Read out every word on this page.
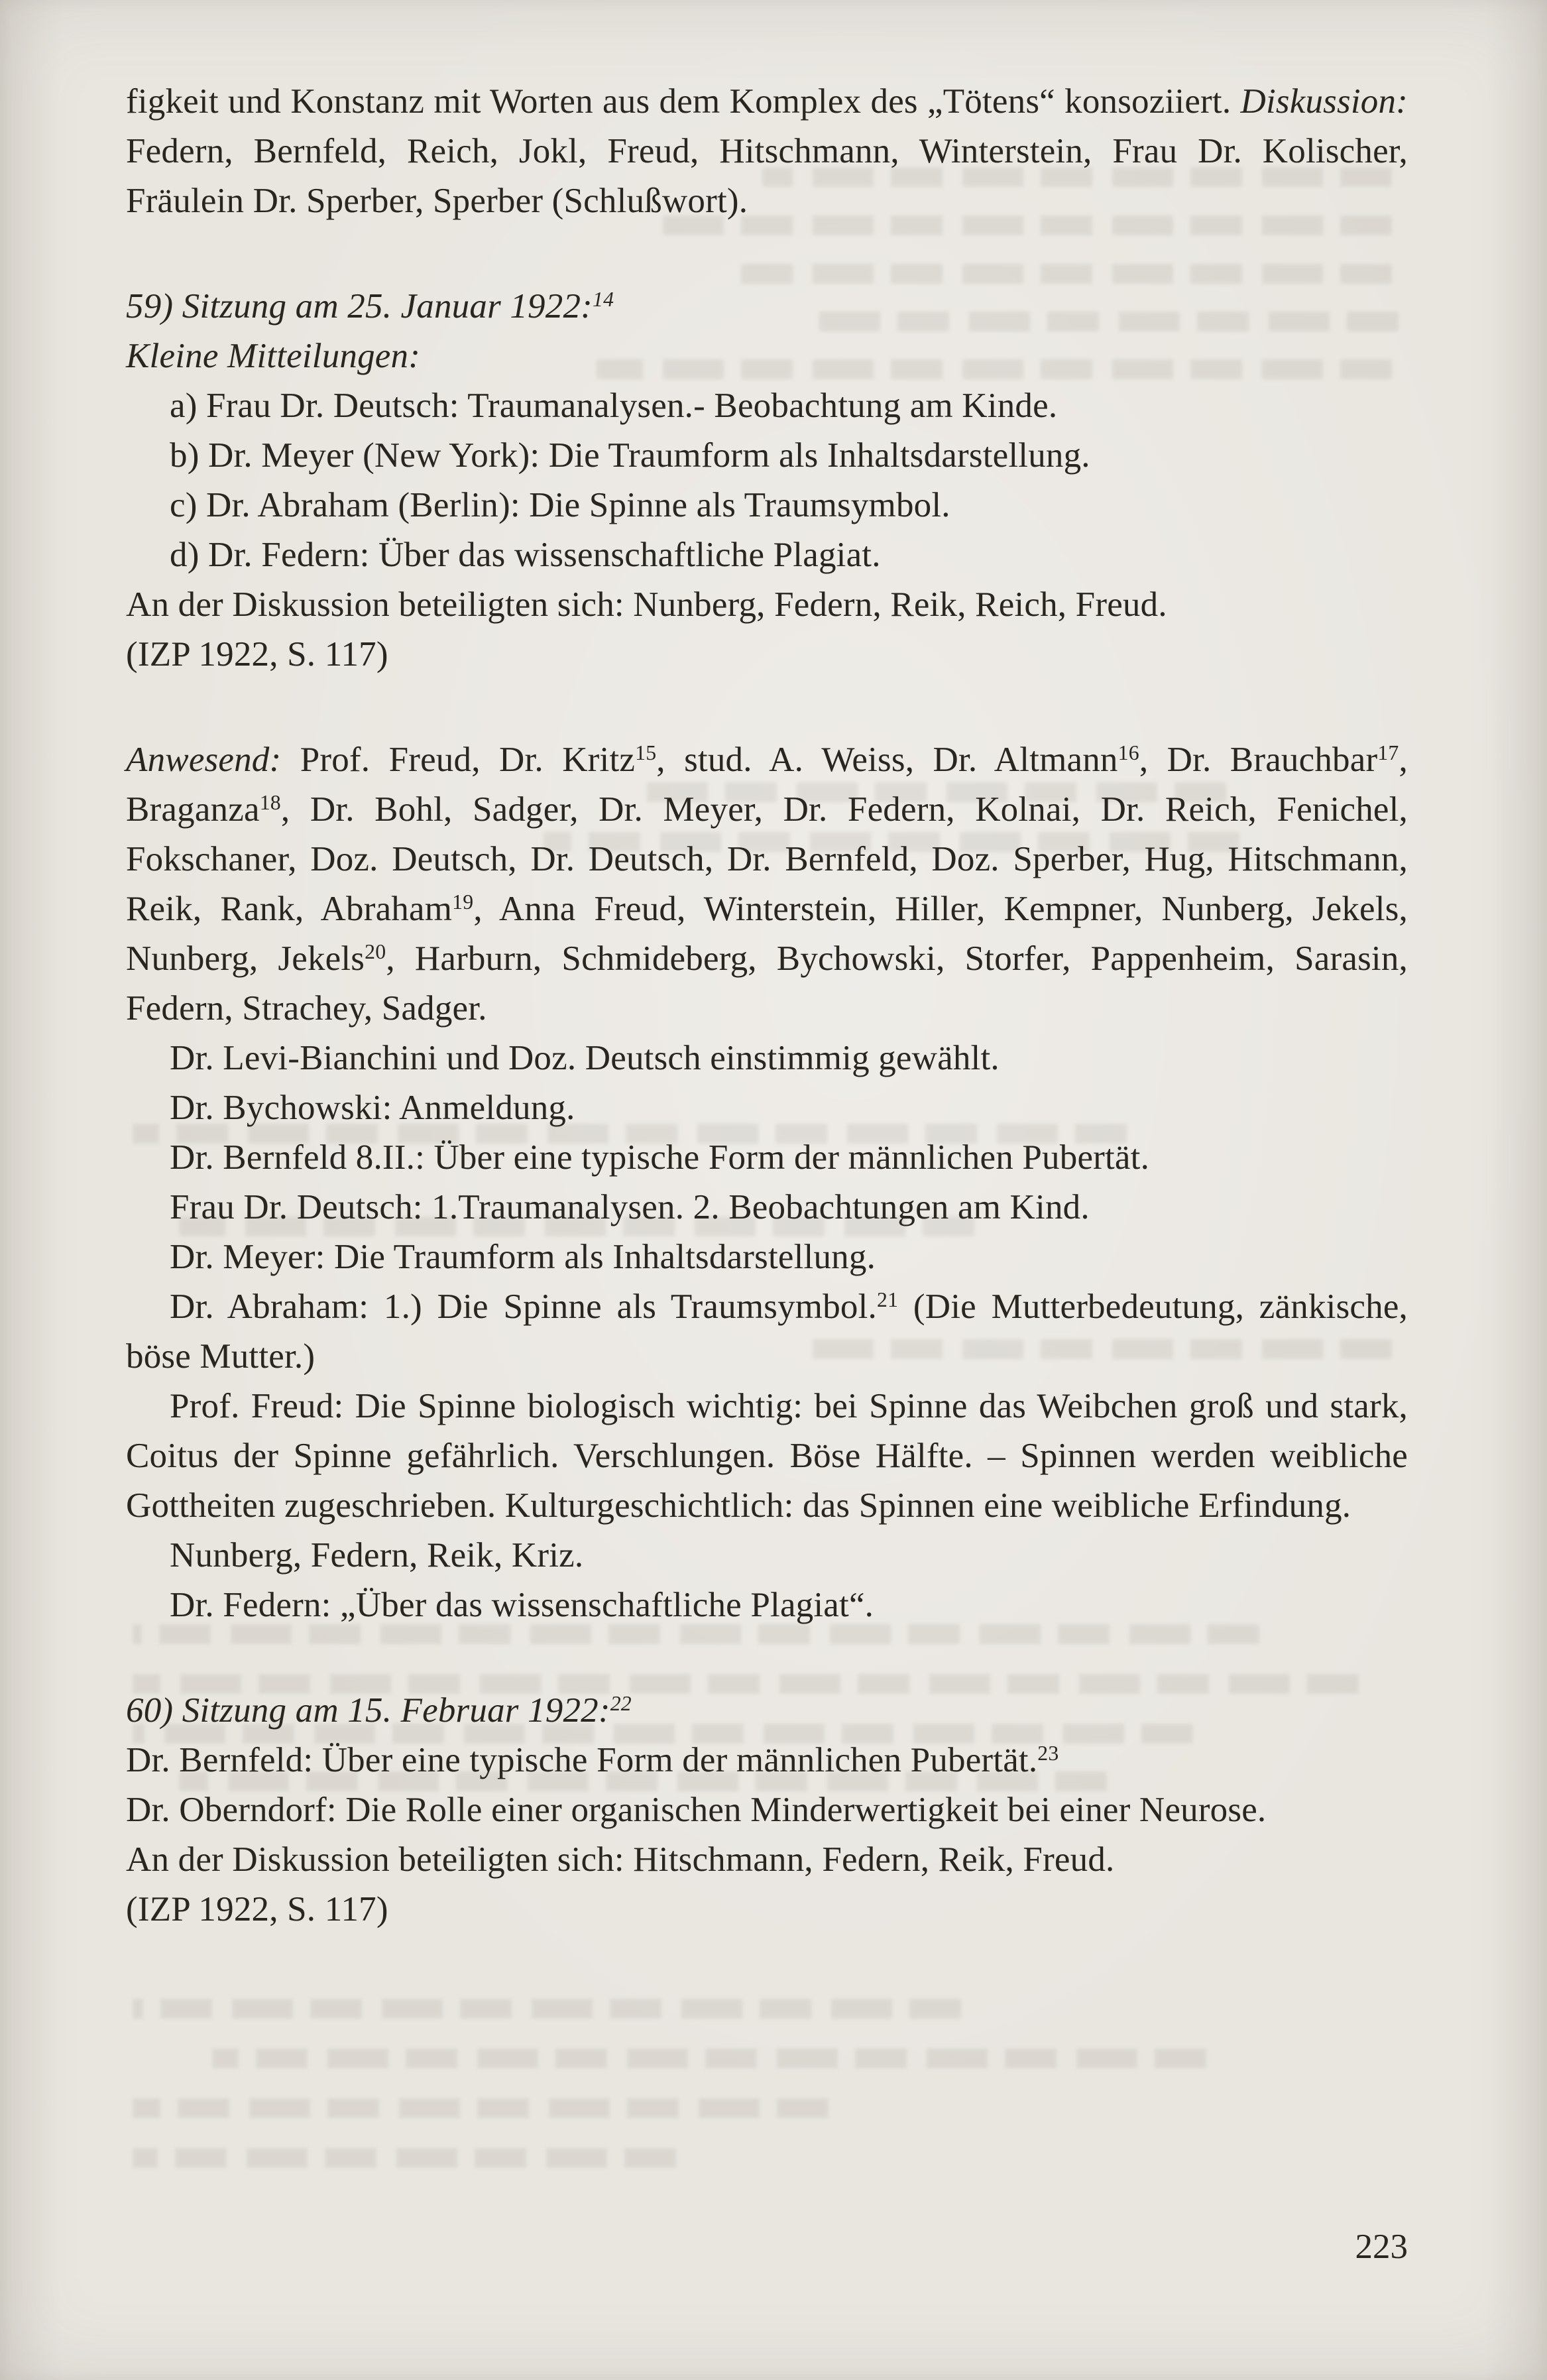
figkeit und Konstanz mit Worten aus dem Komplex des „Tötens“ konsoziiert. Diskussion: Federn, Bernfeld, Reich, Jokl, Freud, Hitschmann, Winterstein, Frau Dr. Kolischer, Fräulein Dr. Sperber, Sperber (Schlußwort).

59) Sitzung am 25. Januar 1922:$^{14}$

Kleine Mitteilungen:

a) Frau Dr. Deutsch: Traumanalysen.- Beobachtung am Kinde.

b) Dr. Meyer (New York): Die Traumform als Inhaltsdarstellung.

c) Dr. Abraham (Berlin): Die Spinne als Traumsymbol.

d) Dr. Federn: Über das wissenschaftliche Plagiat.

An der Diskussion beteiligten sich: Nunberg, Federn, Reik, Reich, Freud.

(IZP 1922, S. 117)

Anwesend: Prof. Freud, Dr. Kritz$^{15}$, stud. A. Weiss, Dr. Altmann$^{16}$, Dr. Brauchbar$^{17}$, Braganza$^{18}$, Dr. Bohl, Sadger, Dr. Meyer, Dr. Federn, Kolnai, Dr. Reich, Fenichel, Fokschaner, Doz. Deutsch, Dr. Deutsch, Dr. Bernfeld, Doz. Sperber, Hug, Hitschmann, Reik, Rank, Abraham$^{19}$, Anna Freud, Winterstein, Hiller, Kempner, Nunberg, Jekels, Nunberg, Jekels$^{20}$, Harburn, Schmideberg, Bychowski, Storfer, Pappenheim, Sarasin, Federn, Strachey, Sadger.

Dr. Levi-Bianchini und Doz. Deutsch einstimmig gewählt.

Dr. Bychowski: Anmeldung.

Dr. Bernfeld 8.II.: Über eine typische Form der männlichen Pubertät.

Frau Dr. Deutsch: 1.Traumanalysen. 2. Beobachtungen am Kind.

Dr. Meyer: Die Traumform als Inhaltsdarstellung.

Dr. Abraham: 1.) Die Spinne als Traumsymbol.$^{21}$ (Die Mutterbedeutung, zänkische, böse Mutter.)

Prof. Freud: Die Spinne biologisch wichtig: bei Spinne das Weibchen groß und stark, Coitus der Spinne gefährlich. Verschlungen. Böse Hälfte. – Spinnen werden weibliche Gottheiten zugeschrieben. Kulturgeschichtlich: das Spinnen eine weibliche Erfindung.

Nunberg, Federn, Reik, Kriz.

Dr. Federn: „Über das wissenschaftliche Plagiat“.

60) Sitzung am 15. Februar 1922:$^{22}$

Dr. Bernfeld: Über eine typische Form der männlichen Pubertät.$^{23}$

Dr. Oberndorf: Die Rolle einer organischen Minderwertigkeit bei einer Neurose.

An der Diskussion beteiligten sich: Hitschmann, Federn, Reik, Freud.

(IZP 1922, S. 117)

223
